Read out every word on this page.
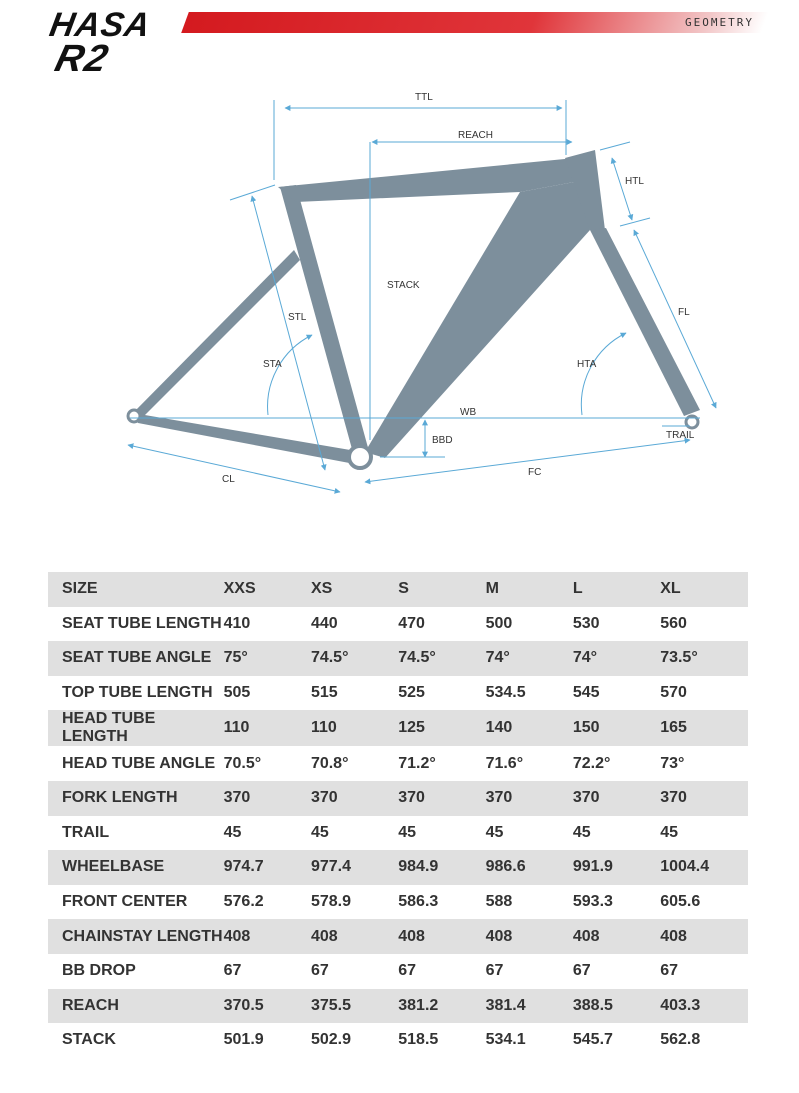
HASA
R2
GEOMETRY
TTL
REACH
HTL
STACK
STL	FL
STA	HTA
WB
BBD	TRAIL
CL
FC
SIZE	XXS	XS	S	M	L	XL
SEAT TUBE LENGTH	410	440	470	500	530	560
SEAT TUBE ANGLE	75°	74.5°	74.5°	74°	74°	73.5°
TOP TUBE LENGTH	505	515	525	534.5	545	570
HEAD TUBE LENGTH	110	110	125	140	150	165
HEAD TUBE ANGLE	70.5°	70.8°	71.2°	71.6°	72.2°	73°
FORK LENGTH	370	370	370	370	370	370
TRAIL	45	45	45	45	45	45
WHEELBASE	974.7	977.4	984.9	986.6	991.9	1004.4
FRONT CENTER	576.2	578.9	586.3	588	593.3	605.6
CHAINSTAY LENGTH	408	408	408	408	408	408
BB DROP	67	67	67	67	67	67
REACH	370.5	375.5	381.2	381.4	388.5	403.3
STACK	501.9	502.9	518.5	534.1	545.7	562.8
